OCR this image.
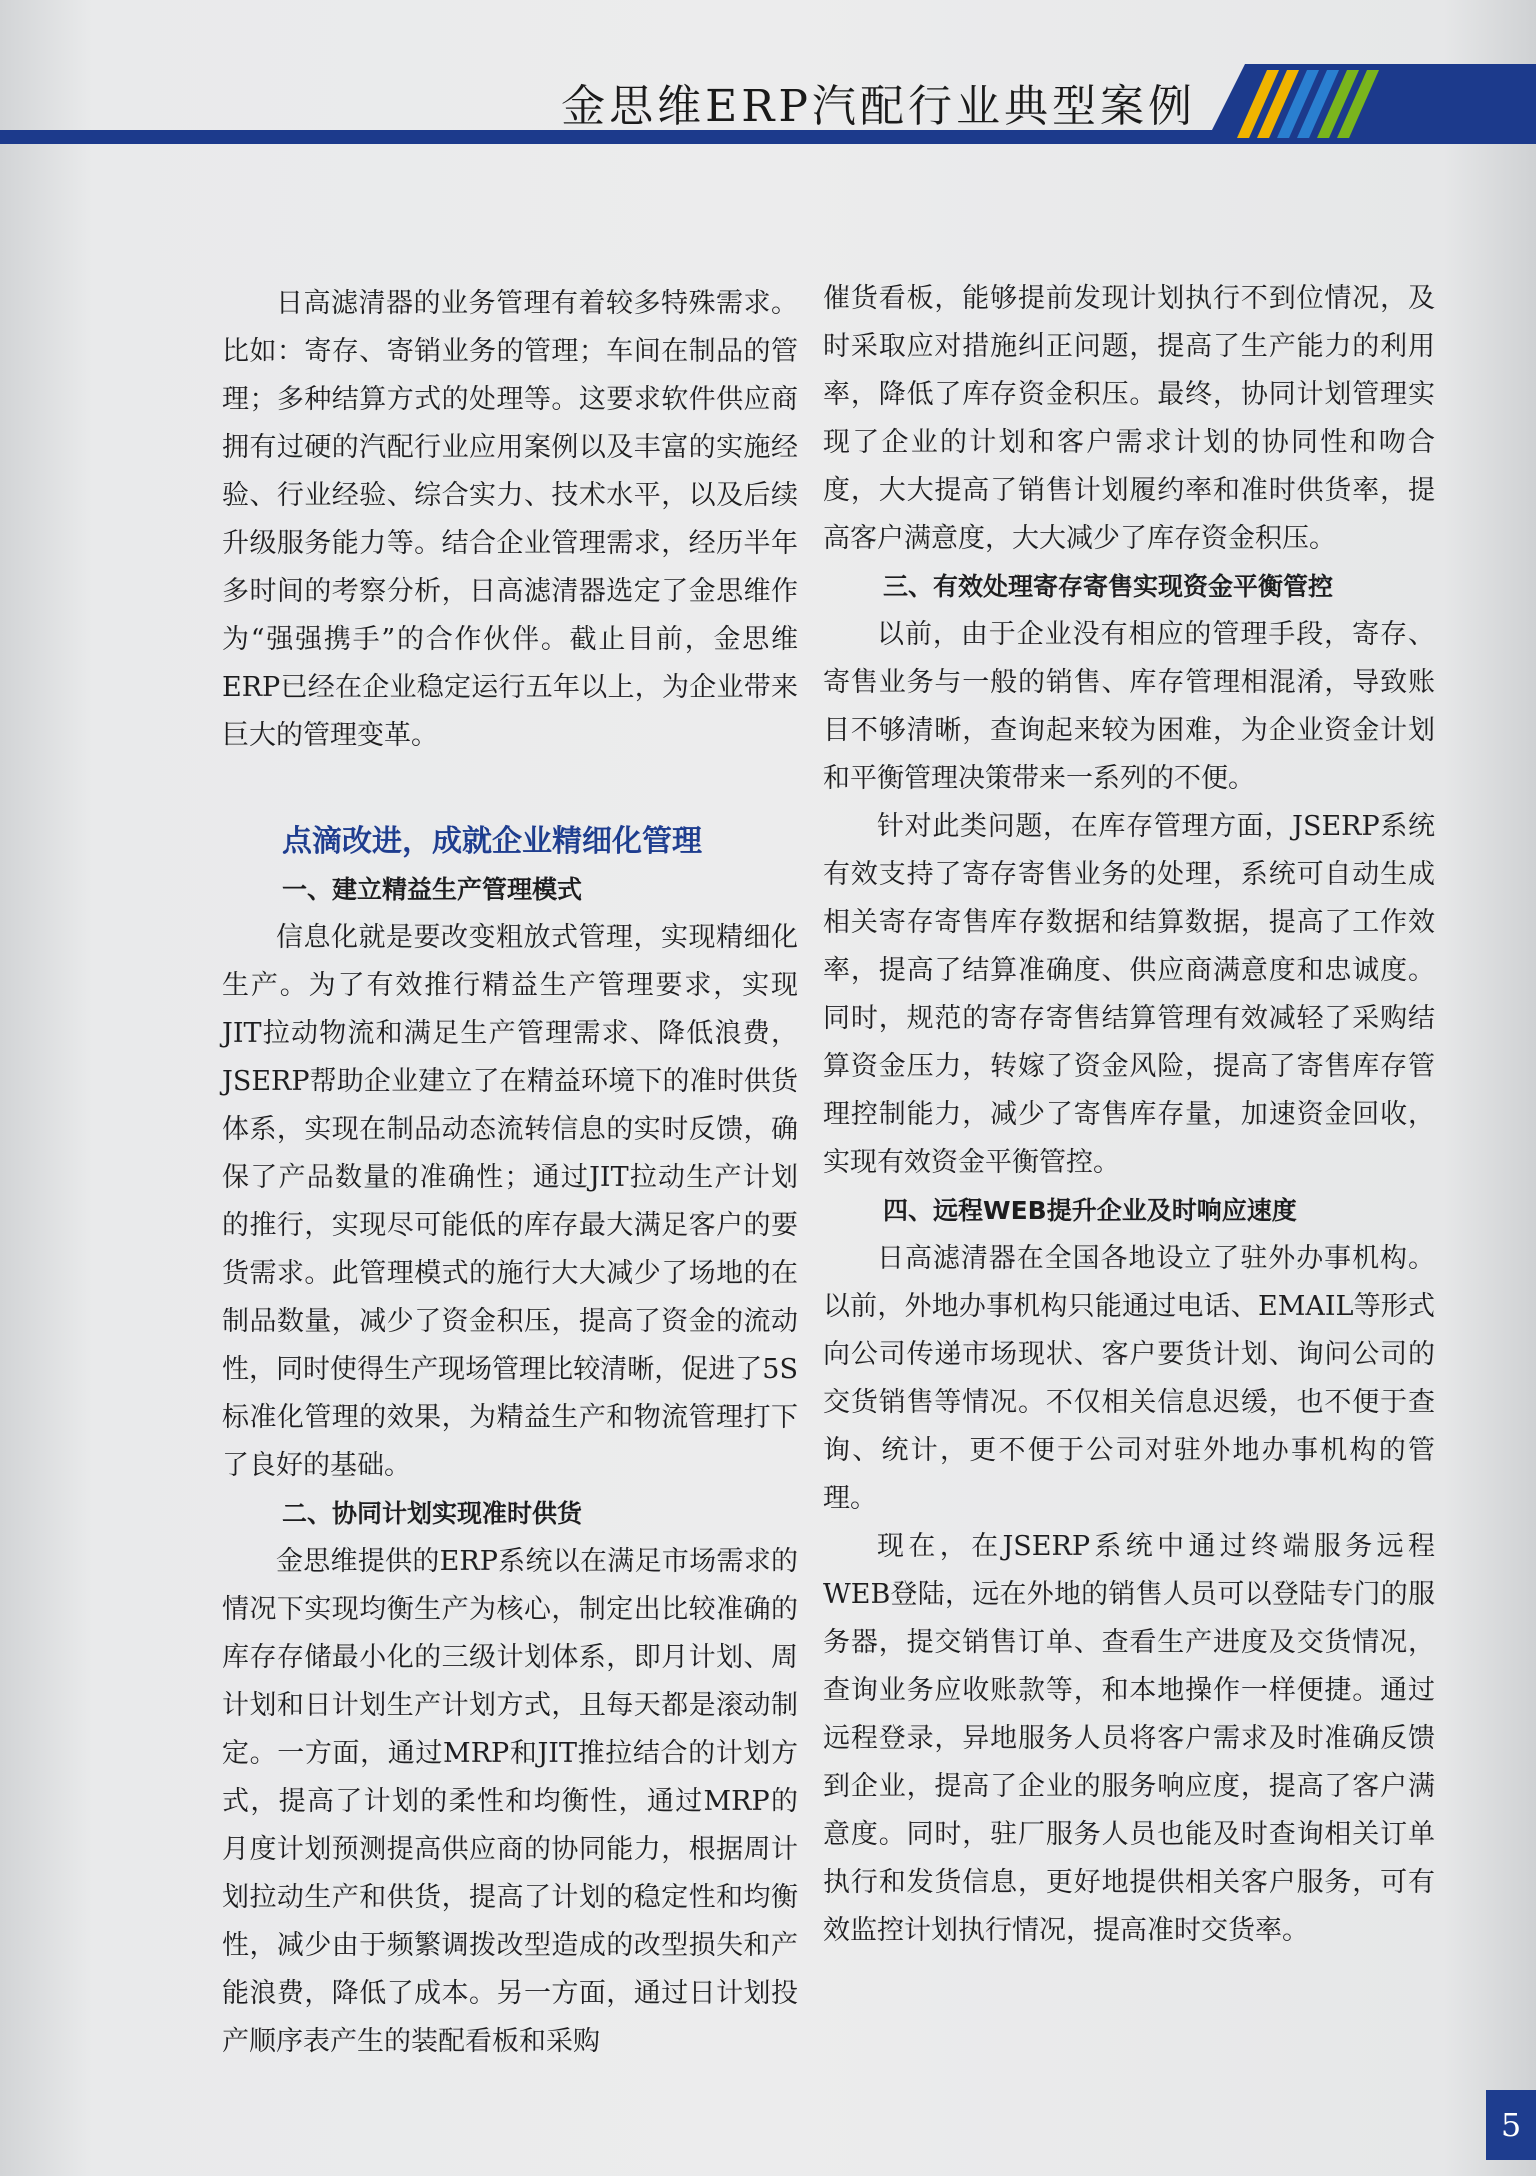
金思维ERP汽配行业典型案例

日高滤清器的业务管理有着较多特殊需求。比如：寄存、寄销业务的管理；车间在制品的管理；多种结算方式的处理等。这要求软件供应商拥有过硬的汽配行业应用案例以及丰富的实施经验、行业经验、综合实力、技术水平，以及后续升级服务能力等。结合企业管理需求，经历半年多时间的考察分析，日高滤清器选定了金思维作为“强强携手”的合作伙伴。截止目前，金思维ERP已经在企业稳定运行五年以上，为企业带来巨大的管理变革。

点滴改进，成就企业精细化管理
一、建立精益生产管理模式

信息化就是要改变粗放式管理，实现精细化生产。为了有效推行精益生产管理要求，实现JIT拉动物流和满足生产管理需求、降低浪费，JSERP帮助企业建立了在精益环境下的准时供货体系，实现在制品动态流转信息的实时反馈，确保了产品数量的准确性；通过JIT拉动生产计划的推行，实现尽可能低的库存最大满足客户的要货需求。此管理模式的施行大大减少了场地的在制品数量，减少了资金积压，提高了资金的流动性，同时使得生产现场管理比较清晰，促进了5S标准化管理的效果，为精益生产和物流管理打下了良好的基础。

二、协同计划实现准时供货

金思维提供的ERP系统以在满足市场需求的情况下实现均衡生产为核心，制定出比较准确的库存存储最小化的三级计划体系，即月计划、周计划和日计划生产计划方式，且每天都是滚动制定。一方面，通过MRP和JIT推拉结合的计划方式，提高了计划的柔性和均衡性，通过MRP的月度计划预测提高供应商的协同能力，根据周计划拉动生产和供货，提高了计划的稳定性和均衡性，减少由于频繁调拨改型造成的改型损失和产能浪费，降低了成本。另一方面，通过日计划投产顺序表产生的装配看板和采购

催货看板，能够提前发现计划执行不到位情况，及时采取应对措施纠正问题，提高了生产能力的利用率，降低了库存资金积压。最终，协同计划管理实现了企业的计划和客户需求计划的协同性和吻合度，大大提高了销售计划履约率和准时供货率，提高客户满意度，大大减少了库存资金积压。

三、有效处理寄存寄售实现资金平衡管控

以前，由于企业没有相应的管理手段，寄存、寄售业务与一般的销售、库存管理相混淆，导致账目不够清晰，查询起来较为困难，为企业资金计划和平衡管理决策带来一系列的不便。

针对此类问题，在库存管理方面，JSERP系统有效支持了寄存寄售业务的处理，系统可自动生成相关寄存寄售库存数据和结算数据，提高了工作效率，提高了结算准确度、供应商满意度和忠诚度。同时，规范的寄存寄售结算管理有效减轻了采购结算资金压力，转嫁了资金风险，提高了寄售库存管理控制能力，减少了寄售库存量，加速资金回收，实现有效资金平衡管控。

四、远程WEB提升企业及时响应速度

日高滤清器在全国各地设立了驻外办事机构。以前，外地办事机构只能通过电话、EMAIL等形式向公司传递市场现状、客户要货计划、询问公司的交货销售等情况。不仅相关信息迟缓，也不便于查询、统计，更不便于公司对驻外地办事机构的管理。

现在，在JSERP系统中通过终端服务远程WEB登陆，远在外地的销售人员可以登陆专门的服务器，提交销售订单、查看生产进度及交货情况，查询业务应收账款等，和本地操作一样便捷。通过远程登录，异地服务人员将客户需求及时准确反馈到企业，提高了企业的服务响应度，提高了客户满意度。同时，驻厂服务人员也能及时查询相关订单执行和发货信息，更好地提供相关客户服务，可有效监控计划执行情况，提高准时交货率。

5
